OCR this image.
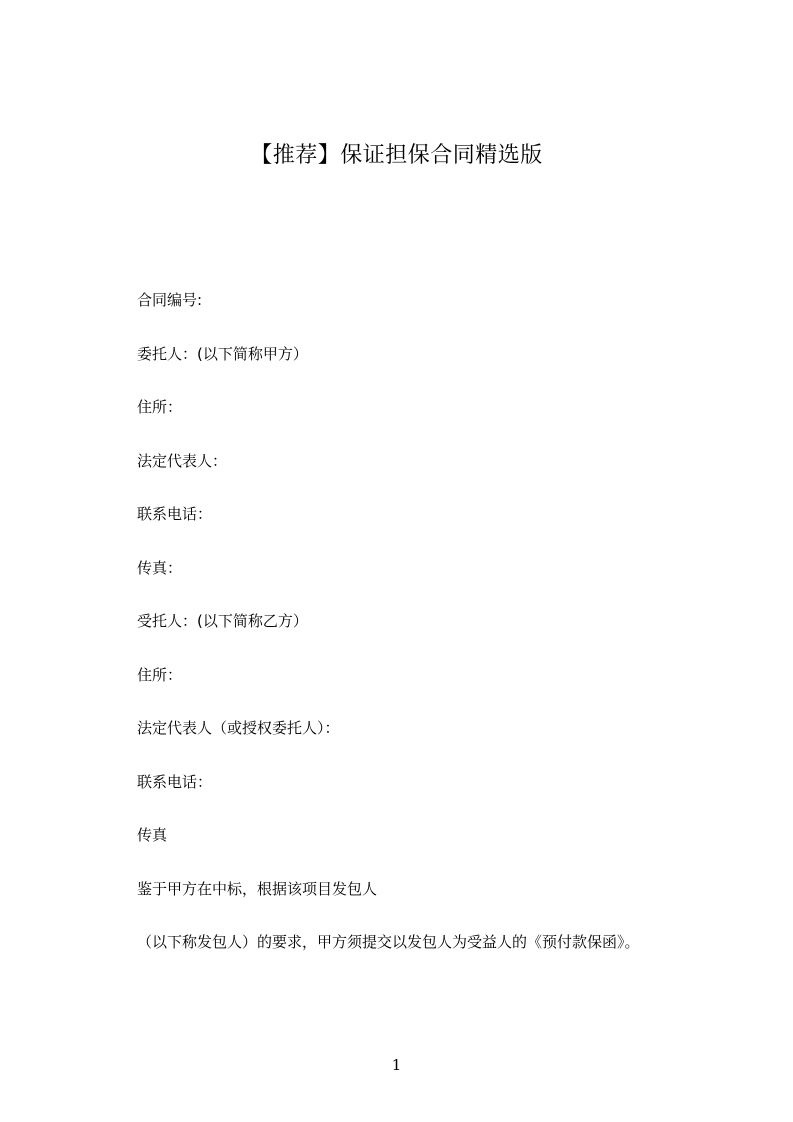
【推荐】保证担保合同精选版
合同编号:
委托人：(以下简称甲方）
住所：
法定代表人：
联系电话：
传真：
受托人：(以下简称乙方）
住所：
法定代表人（或授权委托人）：
联系电话：
传真
鉴于甲方在中标，根据该项目发包人
（以下称发包人）的要求，甲方须提交以发包人为受益人的《预付款保函》。
1
